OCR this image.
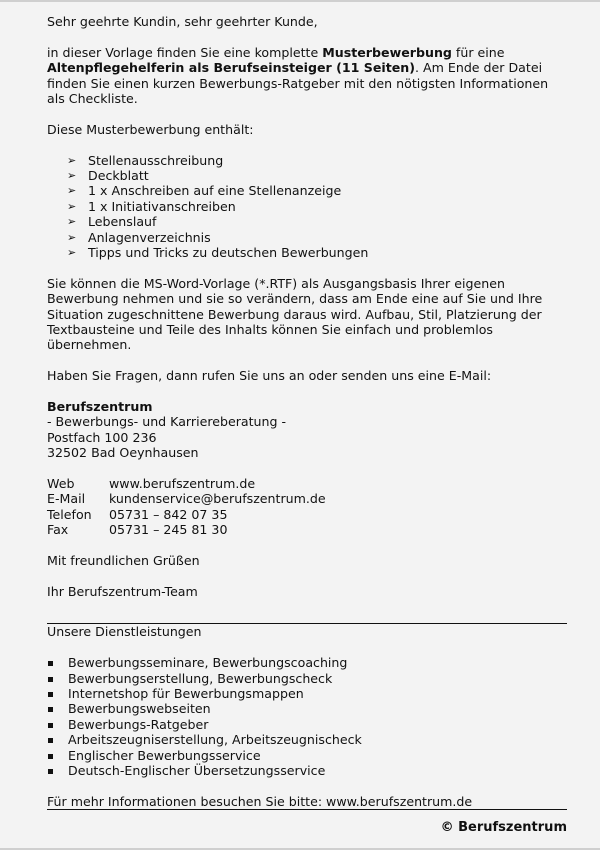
Sehr geehrte Kundin, sehr geehrter Kunde,
in dieser Vorlage finden Sie eine komplette Musterbewerbung für eine
Altenpflegehelferin als Berufseinsteiger (11 Seiten). Am Ende der Datei
finden Sie einen kurzen Bewerbungs-Ratgeber mit den nötigsten Informationen
als Checkliste.
Diese Musterbewerbung enthält:
➢ Stellenausschreibung
➢ Deckblatt
➢ 1 x Anschreiben auf eine Stellenanzeige
➢ 1 x Initiativanschreiben
➢ Lebenslauf
➢ Anlagenverzeichnis
➢ Tipps und Tricks zu deutschen Bewerbungen
Sie können die MS-Word-Vorlage (*.RTF) als Ausgangsbasis Ihrer eigenen
Bewerbung nehmen und sie so verändern, dass am Ende eine auf Sie und Ihre
Situation zugeschnittene Bewerbung daraus wird. Aufbau, Stil, Platzierung der
Textbausteine und Teile des Inhalts können Sie einfach und problemlos
übernehmen.
Haben Sie Fragen, dann rufen Sie uns an oder senden uns eine E-Mail:
Berufszentrum
- Bewerbungs- und Karriereberatung -
Postfach 100 236
32502 Bad Oeynhausen
Web	www.berufszentrum.de
E-Mail	kundenservice@berufszentrum.de
Telefon	05731 – 842 07 35
Fax	05731 – 245 81 30
Mit freundlichen Grüßen
Ihr Berufszentrum-Team
Unsere Dienstleistungen
Bewerbungsseminare, Bewerbungscoaching
Bewerbungserstellung, Bewerbungscheck
Internetshop für Bewerbungsmappen
Bewerbungswebseiten
Bewerbungs-Ratgeber
Arbeitszeugniserstellung, Arbeitszeugnischeck
Englischer Bewerbungsservice
Deutsch-Englischer Übersetzungsservice
Für mehr Informationen besuchen Sie bitte: www.berufszentrum.de
© Berufszentrum
